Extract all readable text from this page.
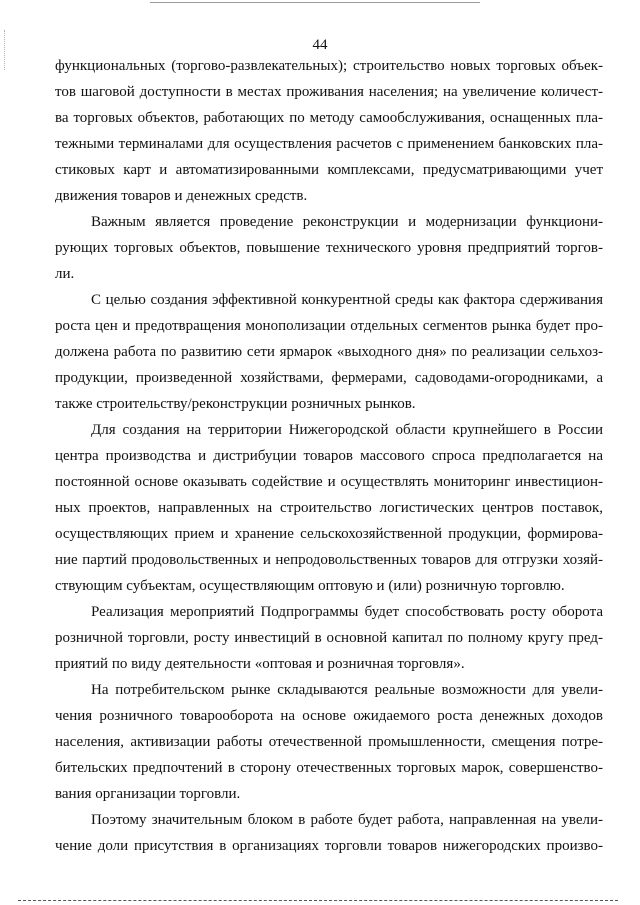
44
функциональных (торгово-развлекательных); строительство новых торговых объек-
тов шаговой доступности в местах проживания населения; на увеличение количест-
ва торговых объектов, работающих по методу самообслуживания, оснащенных пла-
тежными терминалами для осуществления расчетов с применением банковских пла-
стиковых карт и автоматизированными комплексами, предусматривающими учет
движения товаров и денежных средств.
Важным является проведение реконструкции и модернизации функциони-
рующих торговых объектов, повышение технического уровня предприятий торгов-
ли.
С целью создания эффективной конкурентной среды как фактора сдерживания
роста цен и предотвращения монополизации отдельных сегментов рынка будет про-
должена работа по развитию сети ярмарок «выходного дня» по реализации сельхоз-
продукции, произведенной хозяйствами, фермерами, садоводами-огородниками, а
также строительству/реконструкции розничных рынков.
Для создания на территории Нижегородской области крупнейшего в России
центра производства и дистрибуции товаров массового спроса предполагается на
постоянной основе оказывать содействие и осуществлять мониторинг инвестицион-
ных проектов, направленных на строительство логистических центров поставок,
осуществляющих прием и хранение сельскохозяйственной продукции, формирова-
ние партий продовольственных и непродовольственных товаров для отгрузки хозяй-
ствующим субъектам, осуществляющим оптовую и (или) розничную торговлю.
Реализация мероприятий Подпрограммы будет способствовать росту оборота
розничной торговли, росту инвестиций в основной капитал по полному кругу пред-
приятий по виду деятельности «оптовая и розничная торговля».
На потребительском рынке складываются реальные возможности для увели-
чения розничного товарооборота на основе ожидаемого роста денежных доходов
населения, активизации работы отечественной промышленности, смещения потре-
бительских предпочтений в сторону отечественных торговых марок, совершенство-
вания организации торговли.
Поэтому значительным блоком в работе будет работа, направленная на увели-
чение доли присутствия в организациях торговли товаров нижегородских произво-
